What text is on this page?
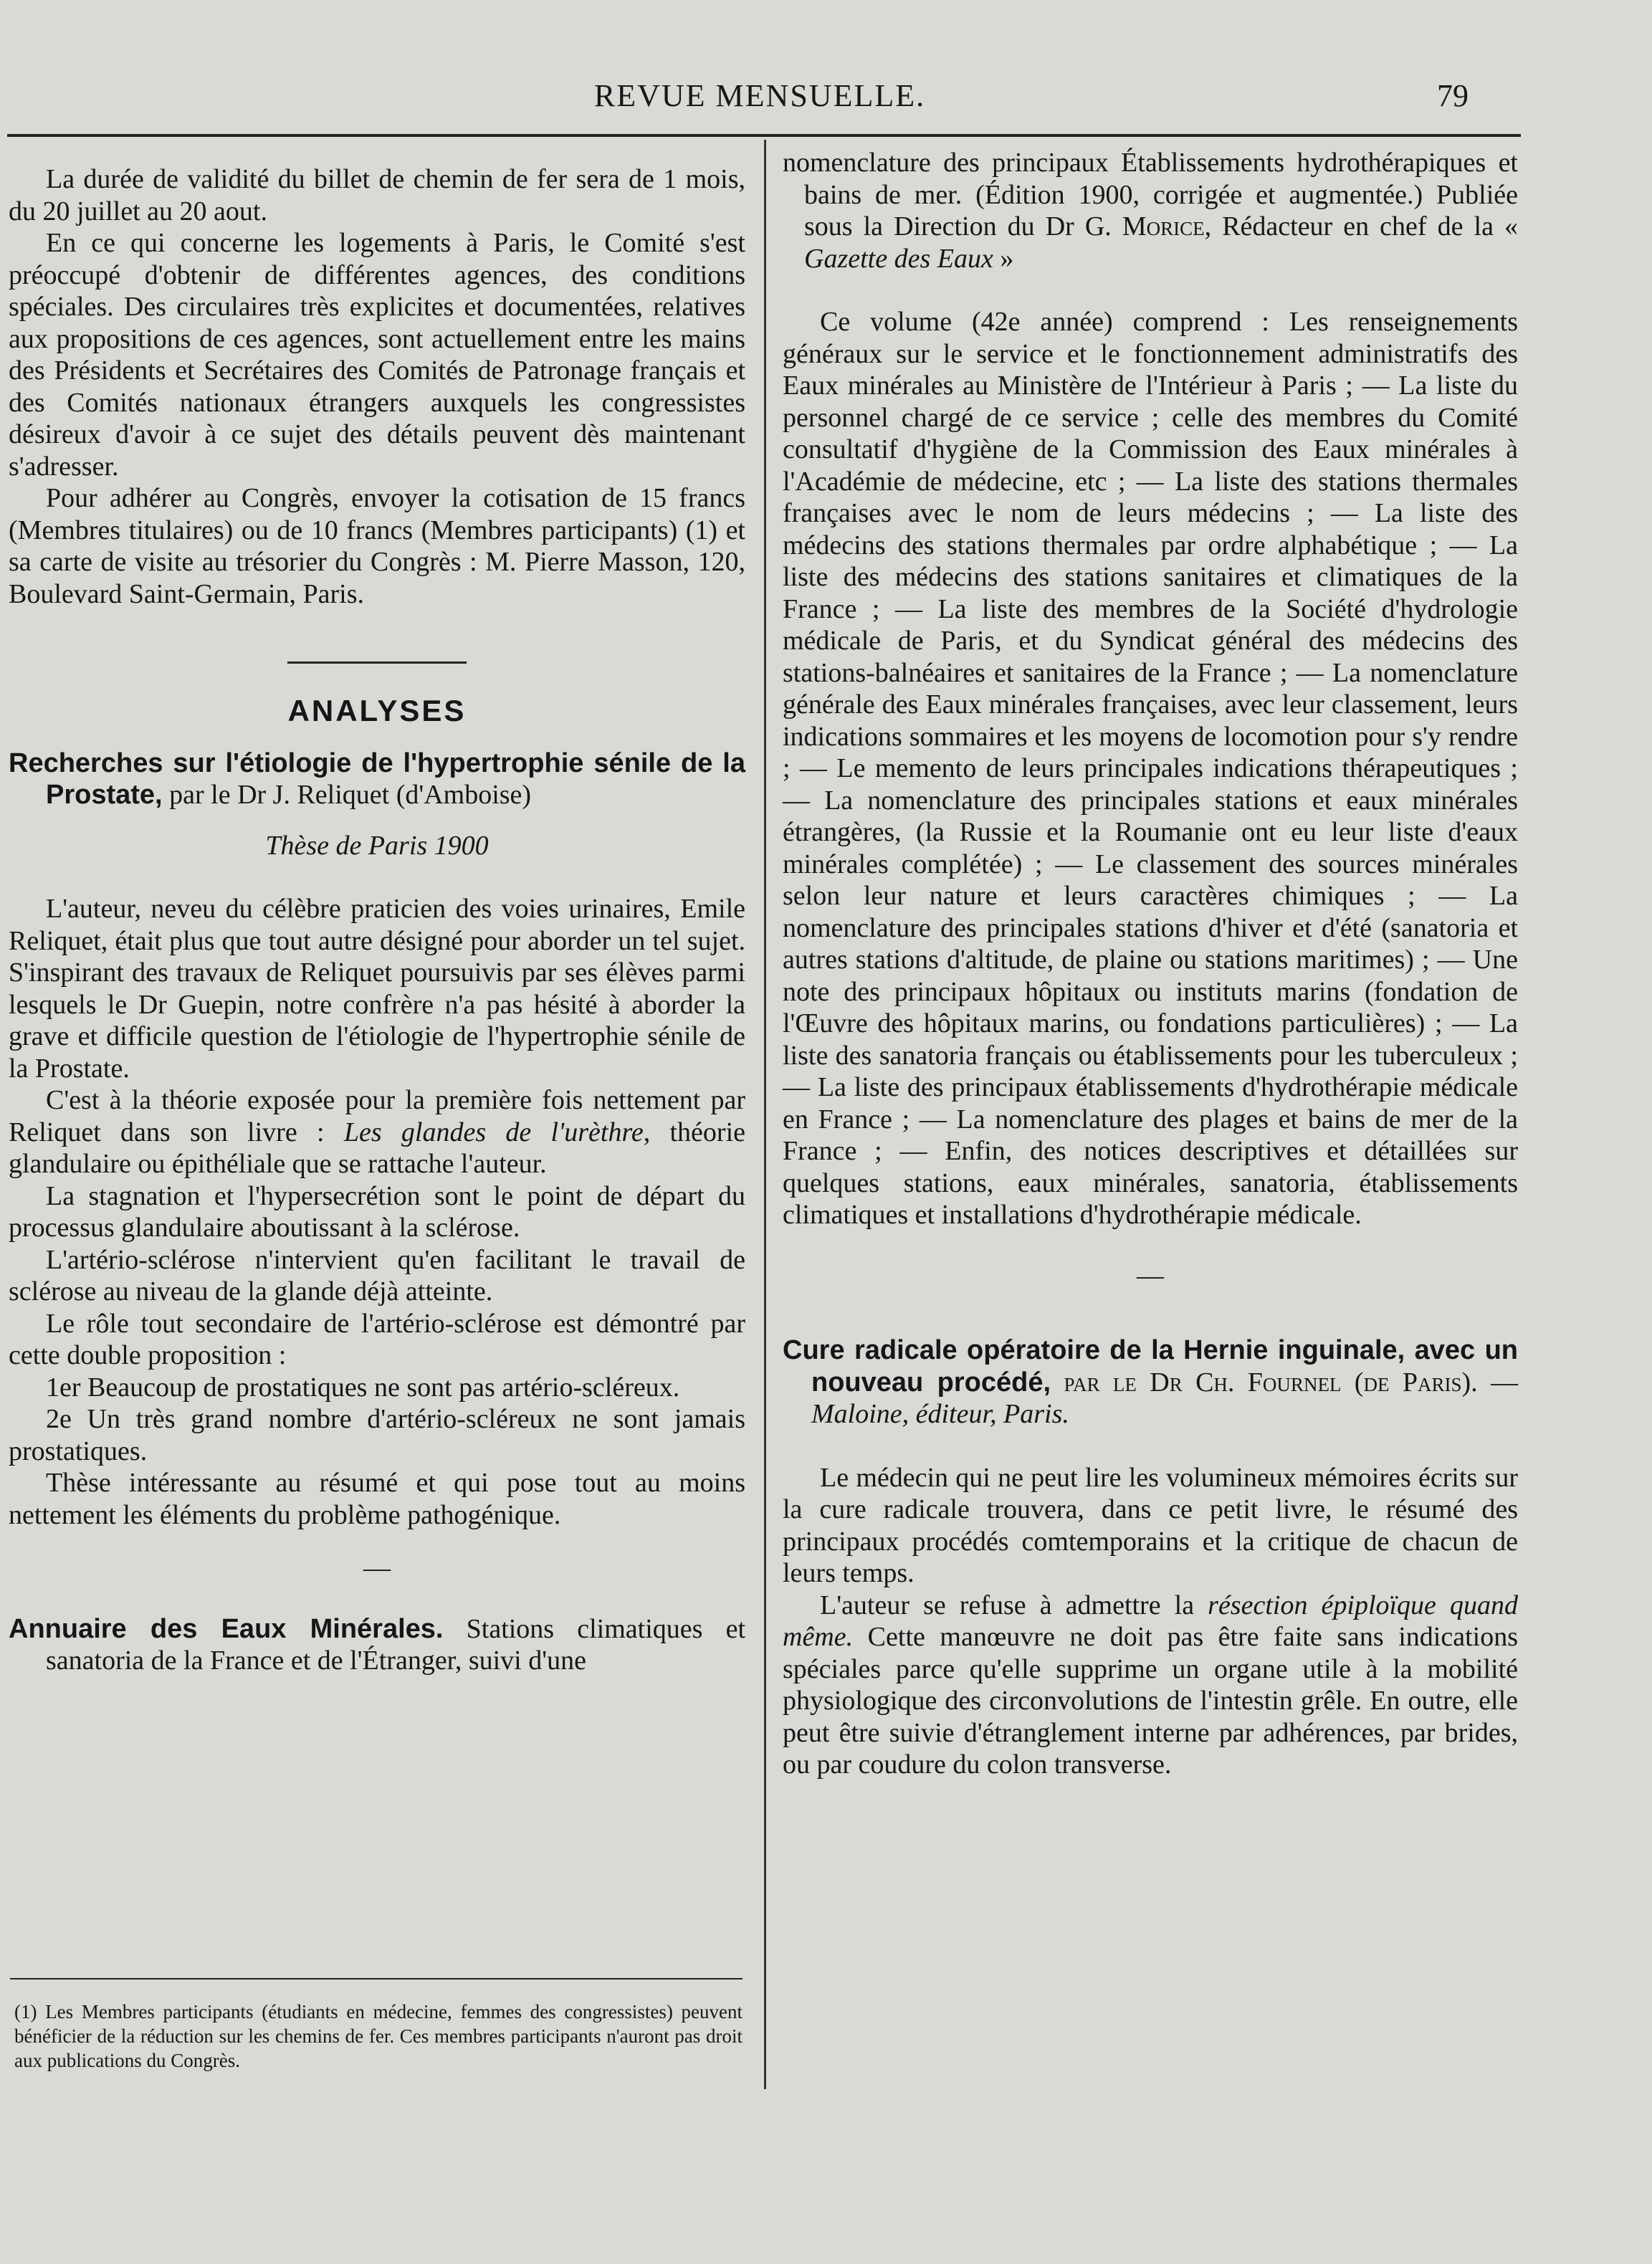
REVUE MENSUELLE.	79

La durée de validité du billet de chemin de fer sera de 1 mois, du 20 juillet au 20 aout.

En ce qui concerne les logements à Paris, le Comité s'est préoccupé d'obtenir de différentes agences, des conditions spéciales. Des circulaires très explicites et documentées, relatives aux propositions de ces agences, sont actuellement entre les mains des Présidents et Secrétaires des Comités de Patronage français et des Comités nationaux étrangers auxquels les congressistes désireux d'avoir à ce sujet des détails peuvent dès maintenant s'adresser.

Pour adhérer au Congrès, envoyer la cotisation de 15 francs (Membres titulaires) ou de 10 francs (Membres participants) (1) et sa carte de visite au trésorier du Congrès : M. Pierre Masson, 120, Boulevard Saint-Germain, Paris.

ANALYSES

Recherches sur l'étiologie de l'hypertrophie sénile de la Prostate, par le Dr J. Reliquet (d'Amboise)

Thèse de Paris 1900

L'auteur, neveu du célèbre praticien des voies urinaires, Emile Reliquet, était plus que tout autre désigné pour aborder un tel sujet. S'inspirant des travaux de Reliquet poursuivis par ses élèves parmi lesquels le Dr Guepin, notre confrère n'a pas hésité à aborder la grave et difficile question de l'étiologie de l'hypertrophie sénile de la Prostate.

C'est à la théorie exposée pour la première fois nettement par Reliquet dans son livre : Les glandes de l'urèthre, théorie glandulaire ou épithéliale que se rattache l'auteur.

La stagnation et l'hypersecrétion sont le point de départ du processus glandulaire aboutissant à la sclérose.

L'artério-sclérose n'intervient qu'en facilitant le travail de sclérose au niveau de la glande déjà atteinte.

Le rôle tout secondaire de l'artério-sclérose est démontré par cette double proposition :

1er Beaucoup de prostatiques ne sont pas artério-scléreux.

2e Un très grand nombre d'artério-scléreux ne sont jamais prostatiques.

Thèse intéressante au résumé et qui pose tout au moins nettement les éléments du problème pathogénique.

—

Annuaire des Eaux Minérales. Stations climatiques et sanatoria de la France et de l'Étranger, suivi d'une

(1) Les Membres participants (étudiants en médecine, femmes des congressistes) peuvent bénéficier de la réduction sur les chemins de fer. Ces membres participants n'auront pas droit aux publications du Congrès.

nomenclature des principaux Établissements hydrothérapiques et bains de mer. (Édition 1900, corrigée et augmentée.) Publiée sous la Direction du Dr G. Morice, Rédacteur en chef de la « Gazette des Eaux »

Ce volume (42e année) comprend : Les renseignements généraux sur le service et le fonctionnement administratifs des Eaux minérales au Ministère de l'Intérieur à Paris ; — La liste du personnel chargé de ce service ; celle des membres du Comité consultatif d'hygiène de la Commission des Eaux minérales à l'Académie de médecine, etc ; — La liste des stations thermales françaises avec le nom de leurs médecins ; — La liste des médecins des stations thermales par ordre alphabétique ; — La liste des médecins des stations sanitaires et climatiques de la France ; — La liste des membres de la Société d'hydrologie médicale de Paris, et du Syndicat général des médecins des stations-balnéaires et sanitaires de la France ; — La nomenclature générale des Eaux minérales françaises, avec leur classement, leurs indications sommaires et les moyens de locomotion pour s'y rendre ; — Le memento de leurs principales indications thérapeutiques ; — La nomenclature des principales stations et eaux minérales étrangères, (la Russie et la Roumanie ont eu leur liste d'eaux minérales complétée) ; — Le classement des sources minérales selon leur nature et leurs caractères chimiques ; — La nomenclature des principales stations d'hiver et d'été (sanatoria et autres stations d'altitude, de plaine ou stations maritimes) ; — Une note des principaux hôpitaux ou instituts marins (fondation de l'Œuvre des hôpitaux marins, ou fondations particulières) ; — La liste des sanatoria français ou établissements pour les tuberculeux ; — La liste des principaux établissements d'hydrothérapie médicale en France ; — La nomenclature des plages et bains de mer de la France ; — Enfin, des notices descriptives et détaillées sur quelques stations, eaux minérales, sanatoria, établissements climatiques et installations d'hydrothérapie médicale.

—

Cure radicale opératoire de la Hernie inguinale, avec un nouveau procédé, par le Dr Ch. Fournel (de Paris). — Maloine, éditeur, Paris.

Le médecin qui ne peut lire les volumineux mémoires écrits sur la cure radicale trouvera, dans ce petit livre, le résumé des principaux procédés comtemporains et la critique de chacun de leurs temps.

L'auteur se refuse à admettre la résection épiploïque quand même. Cette manœuvre ne doit pas être faite sans indications spéciales parce qu'elle supprime un organe utile à la mobilité physiologique des circonvolutions de l'intestin grêle. En outre, elle peut être suivie d'étranglement interne par adhérences, par brides, ou par coudure du colon transverse.
